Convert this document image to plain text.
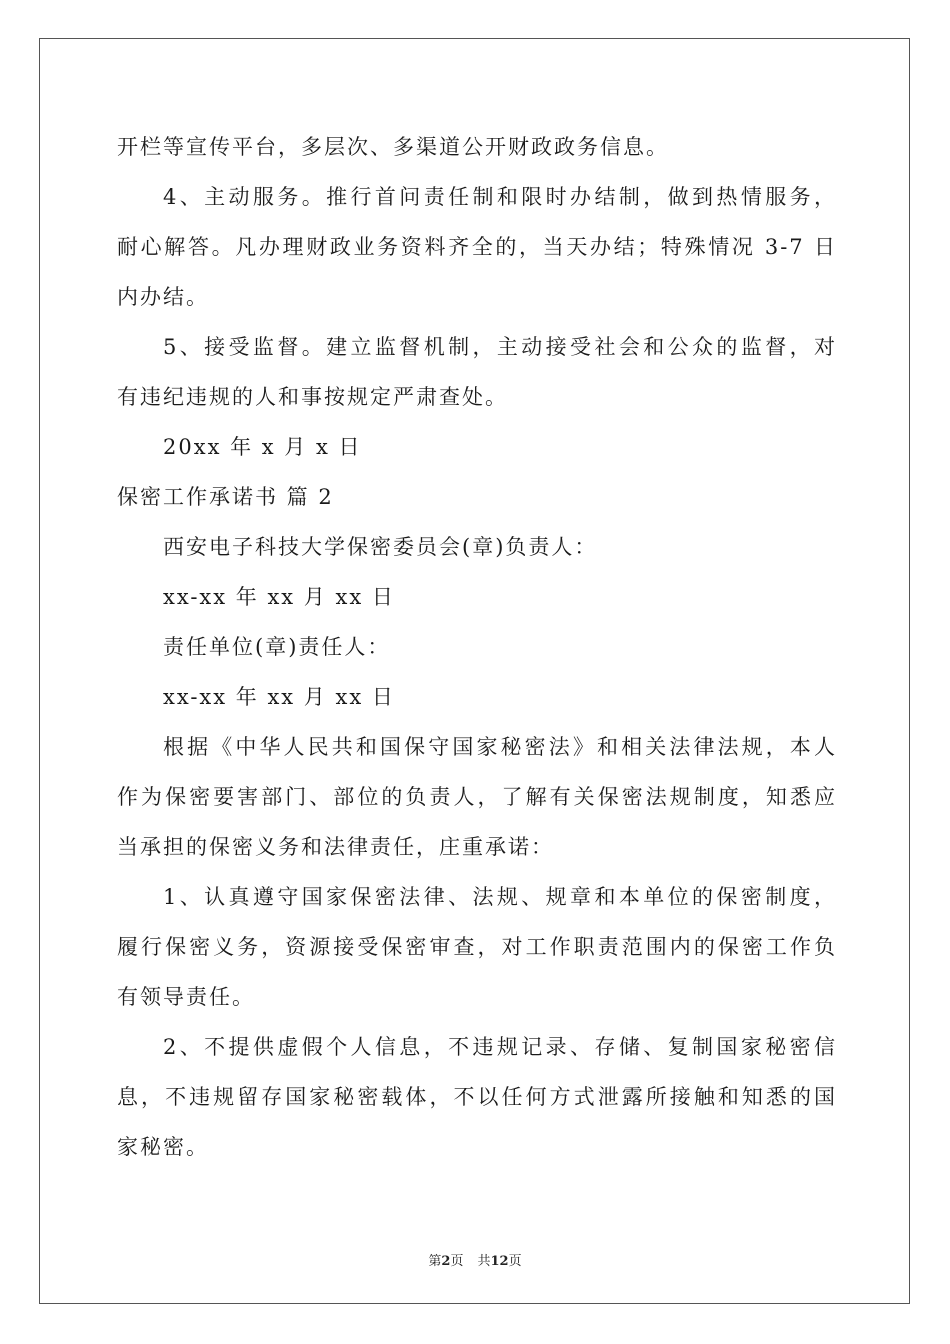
开栏等宣传平台，多层次、多渠道公开财政政务信息。
4、主动服务。推行首问责任制和限时办结制，做到热情服务，
耐心解答。凡办理财政业务资料齐全的，当天办结；特殊情况 3-7 日
内办结。
5、接受监督。建立监督机制，主动接受社会和公众的监督，对
有违纪违规的人和事按规定严肃查处。
20xx 年 x 月 x 日
保密工作承诺书 篇 2
西安电子科技大学保密委员会(章)负责人：
xx-xx 年 xx 月 xx 日
责任单位(章)责任人：
xx-xx 年 xx 月 xx 日
根据《中华人民共和国保守国家秘密法》和相关法律法规，本人
作为保密要害部门、部位的负责人，了解有关保密法规制度，知悉应
当承担的保密义务和法律责任，庄重承诺：
1、认真遵守国家保密法律、法规、规章和本单位的保密制度，
履行保密义务，资源接受保密审查，对工作职责范围内的保密工作负
有领导责任。
2、不提供虚假个人信息，不违规记录、存储、复制国家秘密信
息，不违规留存国家秘密载体，不以任何方式泄露所接触和知悉的国
家秘密。
第2页 共12页
